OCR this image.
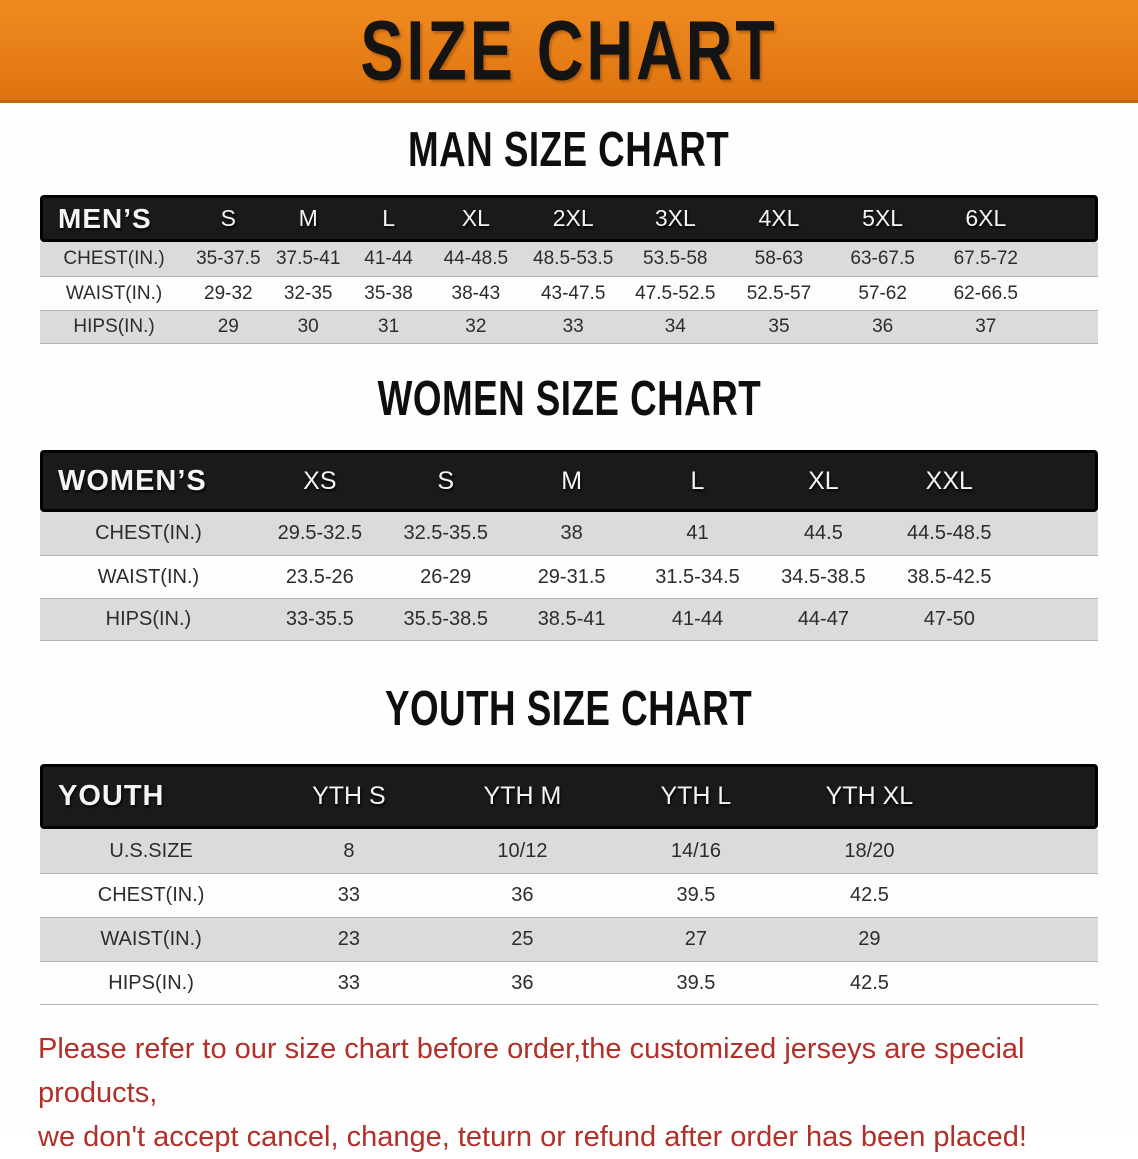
SIZE CHART
MAN SIZE CHART
MEN’S	S	M	L	XL	2XL	3XL	4XL	5XL	6XL	
CHEST(IN.)	35-37.5	37.5-41	41-44	44-48.5	48.5-53.5	53.5-58	58-63	63-67.5	67.5-72	
WAIST(IN.)	29-32	32-35	35-38	38-43	43-47.5	47.5-52.5	52.5-57	57-62	62-66.5	
HIPS(IN.)	29	30	31	32	33	34	35	36	37	
WOMEN SIZE CHART
WOMEN’S	XS	S	M	L	XL	XXL	
CHEST(IN.)	29.5-32.5	32.5-35.5	38	41	44.5	44.5-48.5	
WAIST(IN.)	23.5-26	26-29	29-31.5	31.5-34.5	34.5-38.5	38.5-42.5	
HIPS(IN.)	33-35.5	35.5-38.5	38.5-41	41-44	44-47	47-50	
YOUTH SIZE CHART
YOUTH	YTH S	YTH M	YTH L	YTH XL	
U.S.SIZE	8	10/12	14/16	18/20	
CHEST(IN.)	33	36	39.5	42.5	
WAIST(IN.)	23	25	27	29	
HIPS(IN.)	33	36	39.5	42.5	

Please refer to our size chart before order,the customized jerseys are special products,

we don't accept cancel, change, teturn or refund after order has been placed!
